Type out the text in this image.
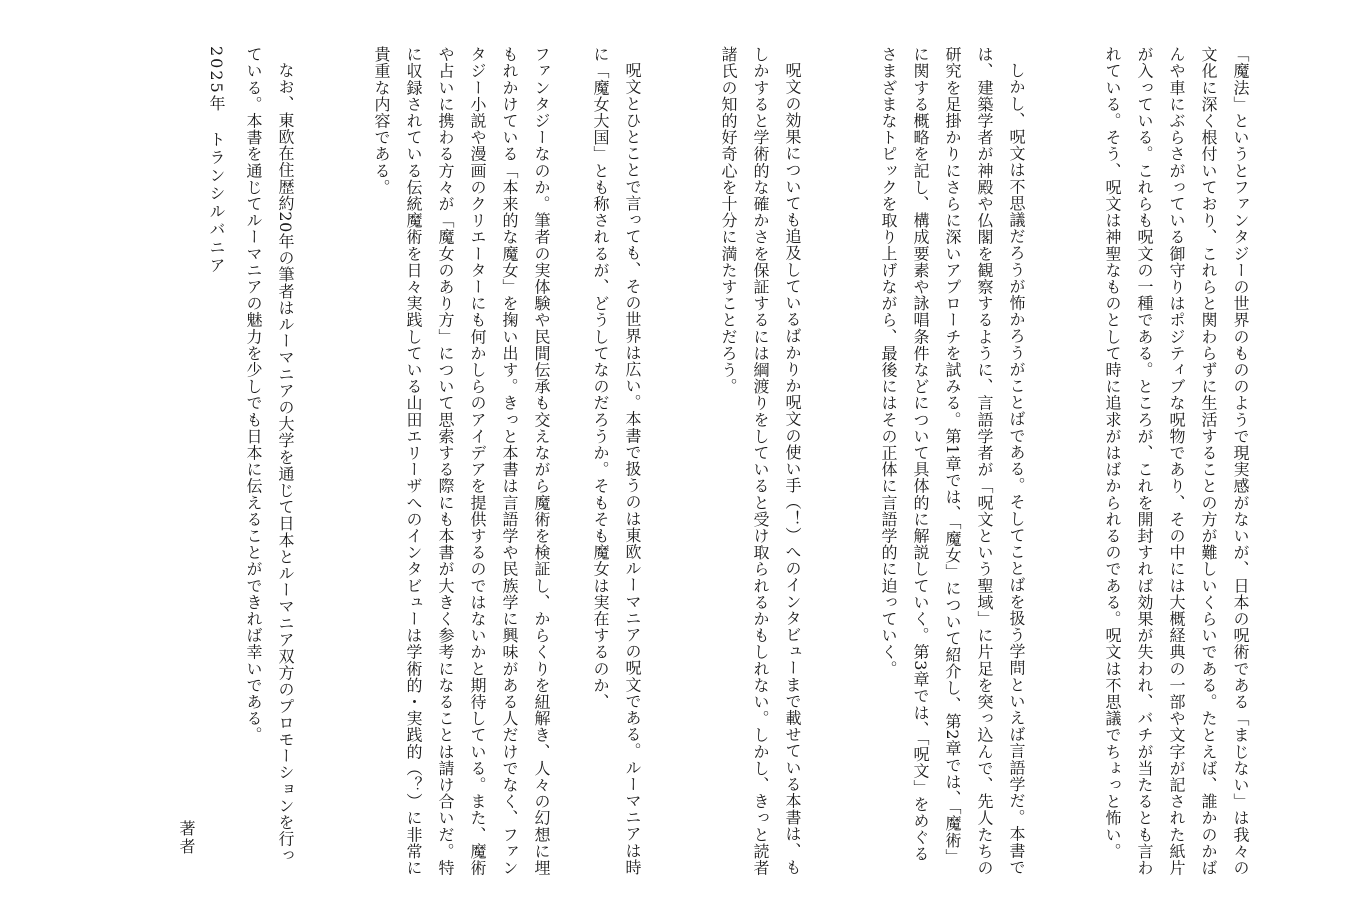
「魔法」というとファンタジーの世界のもののようで現実感がないが、日本の呪術である「まじない」は我々の文化に深く根付いており、これらと関わらずに生活することの方が難しいくらいである。たとえば、誰かのかばんや車にぶらさがっている御守りはポジティブな呪物であり、その中には大概経典の一部や文字が記された紙片が入っている。これらも呪文の一種である。ところが、これを開封すれば効果が失われ、バチが当たるとも言われている。そう、呪文は神聖なものとして時に追求がはばかられるのである。呪文は不思議でちょっと怖い。

しかし、呪文は不思議だろうが怖かろうがことばである。そしてことばを扱う学問といえば言語学だ。本書では、建築学者が神殿や仏閣を観察するように、言語学者が「呪文という聖域」に片足を突っ込んで、先人たちの研究を足掛かりにさらに深いアプローチを試みる。第1章では、「魔女」について紹介し、第2章では、「魔術」に関する概略を記し、構成要素や詠唱条件などについて具体的に解説していく。第3章では、「呪文」をめぐるさまざまなトピックを取り上げながら、最後にはその正体に言語学的に迫っていく。

呪文の効果についても追及しているばかりか呪文の使い手（！）へのインタビューまで載せている本書は、もしかすると学術的な確かさを保証するには綱渡りをしていると受け取られるかもしれない。しかし、きっと読者諸氏の知的好奇心を十分に満たすことだろう。

呪文とひとことで言っても、その世界は広い。本書で扱うのは東欧ルーマニアの呪文である。ルーマニアは時に「魔女大国」とも称されるが、どうしてなのだろうか。そもそも魔女は実在するのか、

ファンタジーなのか。筆者の実体験や民間伝承も交えながら魔術を検証し、からくりを紐解き、人々の幻想に埋もれかけている「本来的な魔女」を掬い出す。きっと本書は言語学や民族学に興味がある人だけでなく、ファンタジー小説や漫画のクリエーターにも何かしらのアイデアを提供するのではないかと期待している。また、魔術や占いに携わる方々が「魔女のあり方」について思索する際にも本書が大きく参考になることは請け合いだ。特に収録されている伝統魔術を日々実践している山田エリーザへのインタビューは学術的・実践的（？）に非常に貴重な内容である。

なお、東欧在住歴約20年の筆者はルーマニアの大学を通じて日本とルーマニア双方のプロモーションを行っている。本書を通じてルーマニアの魅力を少しでも日本に伝えることができれば幸いである。

2025年　トランシルバニア
著者
